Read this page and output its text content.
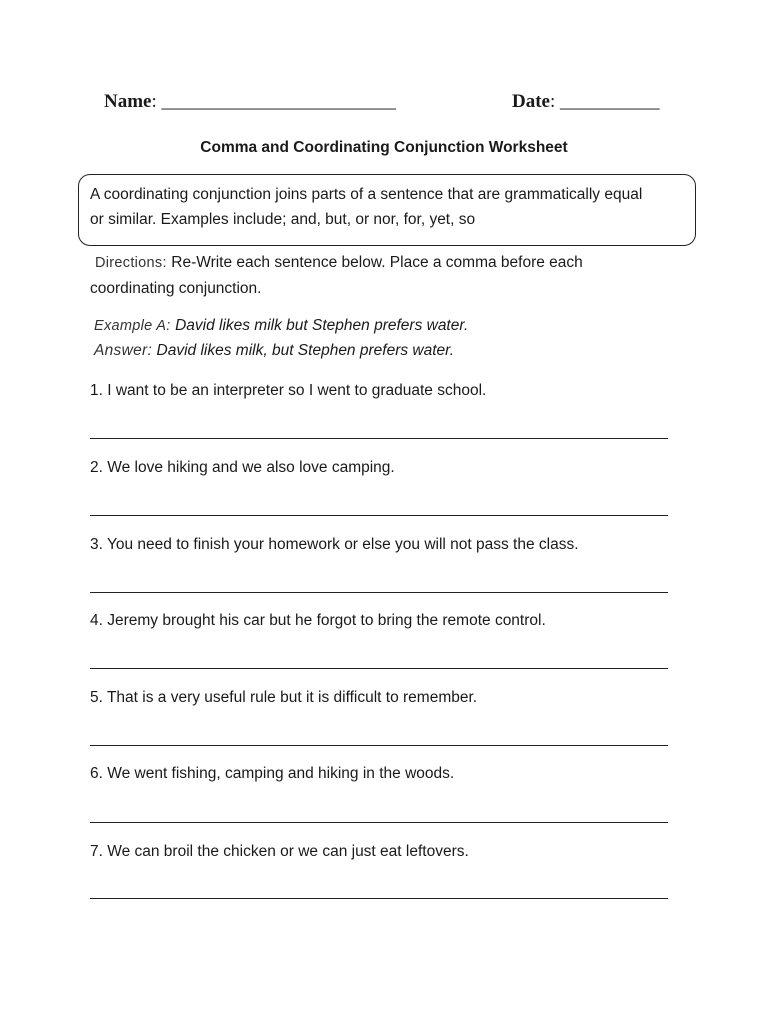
Name: __________________________	Date: ___________
Comma and Coordinating Conjunction Worksheet
A coordinating conjunction joins parts of a sentence that are grammatically equal
or similar. Examples include; and, but, or nor, for, yet, so
Directions: Re-Write each sentence below. Place a comma before each
coordinating conjunction.
Example A: David likes milk but Stephen prefers water.
Answer: David likes milk, but Stephen prefers water.
1. I want to be an interpreter so I went to graduate school.
2. We love hiking and we also love camping.
3. You need to finish your homework or else you will not pass the class.
4. Jeremy brought his car but he forgot to bring the remote control.
5. That is a very useful rule but it is difficult to remember.
6. We went fishing, camping and hiking in the woods.
7. We can broil the chicken or we can just eat leftovers.
